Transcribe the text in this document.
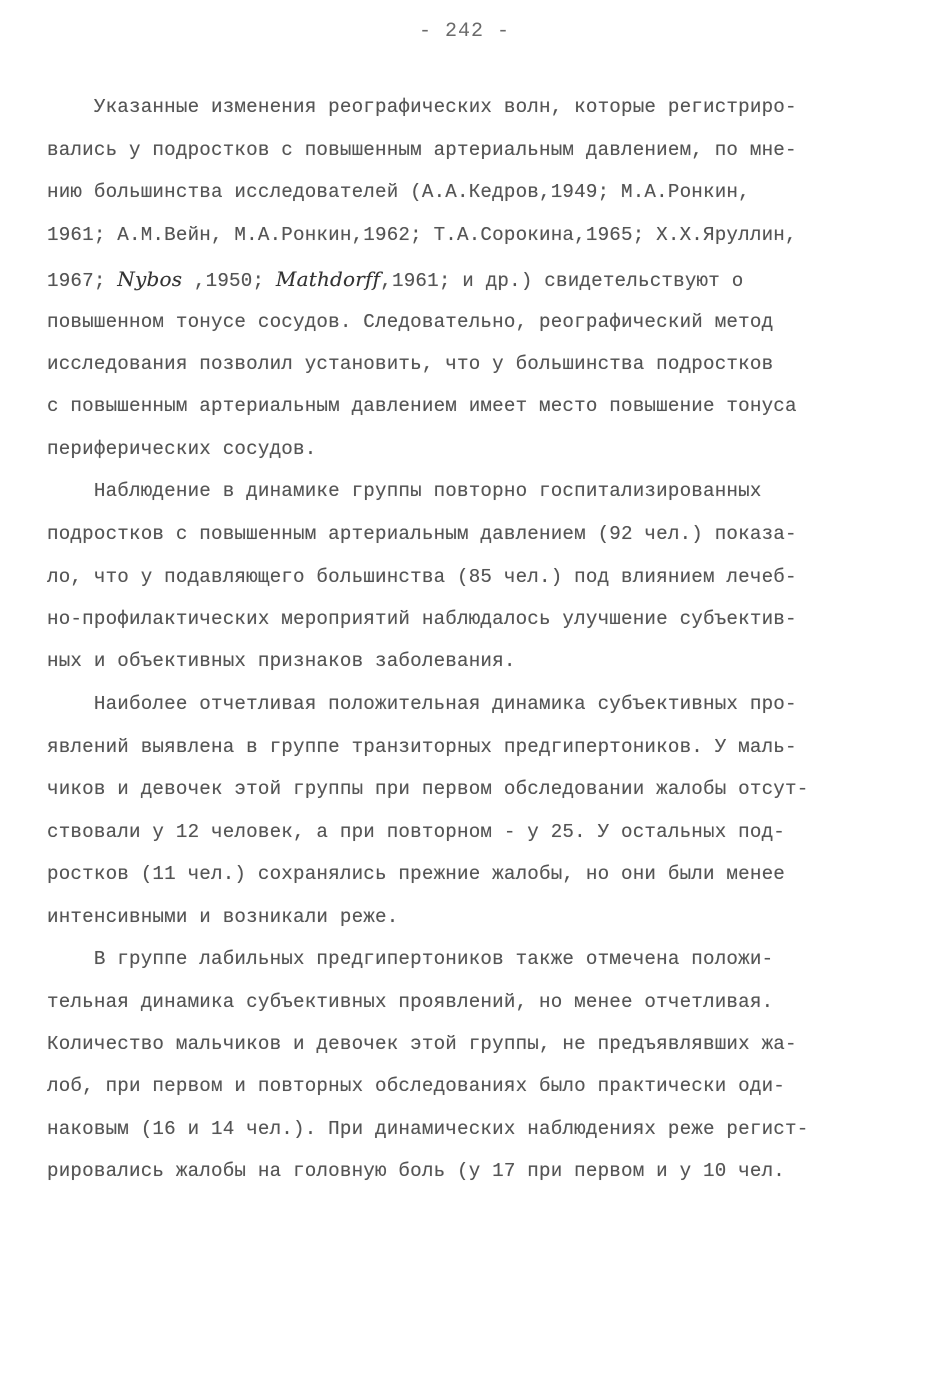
- 242 -
Указанные изменения реографических волн, которые регистриро-
вались у подростков с повышенным артериальным давлением, по мне-
нию большинства исследователей (А.А.Кедров,1949; М.А.Ронкин,
1961; А.М.Вейн, М.А.Ронкин,1962; Т.А.Сорокина,1965; Х.Х.Яруллин,
1967; Nybos ,1950; Mathdorff,1961; и др.) свидетельствуют о
повышенном тонусе сосудов. Следовательно, реографический метод
исследования позволил установить, что у большинства подростков
с повышенным артериальным давлением имеет место повышение тонуса
периферических сосудов.
Наблюдение в динамике группы повторно госпитализированных
подростков с повышенным артериальным давлением (92 чел.) показа-
ло, что у подавляющего большинства (85 чел.) под влиянием лечеб-
но-профилактических мероприятий наблюдалось улучшение субъектив-
ных и объективных признаков заболевания.
Наиболее отчетливая положительная динамика субъективных про-
явлений выявлена в группе транзиторных предгипертоников. У маль-
чиков и девочек этой группы при первом обследовании жалобы отсут-
ствовали у 12 человек, а при повторном - у 25. У остальных под-
ростков (11 чел.) сохранялись прежние жалобы, но они были менее
интенсивными и возникали реже.
В группе лабильных предгипертоников также отмечена положи-
тельная динамика субъективных проявлений, но менее отчетливая.
Количество мальчиков и девочек этой группы, не предъявлявших жа-
лоб, при первом и повторных обследованиях было практически оди-
наковым (16 и 14 чел.). При динамических наблюдениях реже регист-
рировались жалобы на головную боль (у 17 при первом и у 10 чел.
